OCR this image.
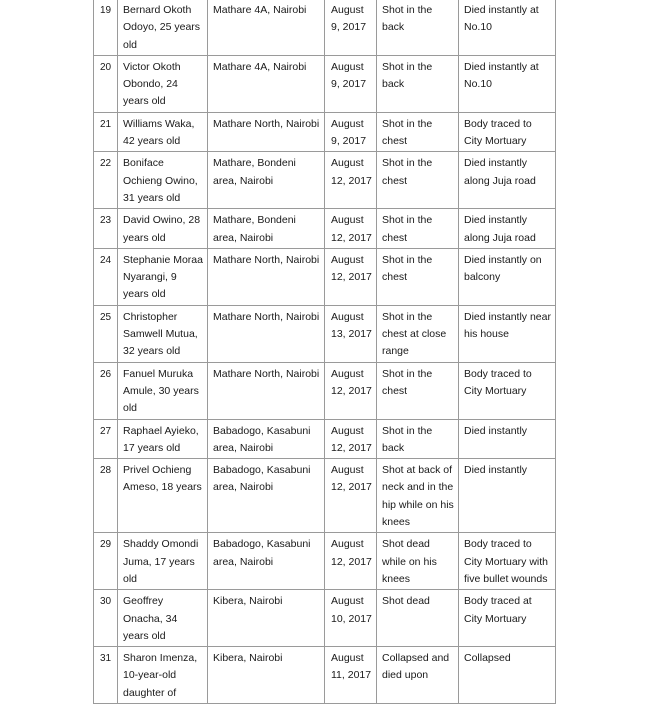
19	Bernard Okoth Odoyo, 25 years old	Mathare 4A, Nairobi	August 9, 2017	Shot in the back	Died instantly at No.10
20	Victor Okoth Obondo, 24 years old	Mathare 4A, Nairobi	August 9, 2017	Shot in the back	Died instantly at No.10
21	Williams Waka, 42 years old	Mathare North, Nairobi	August 9, 2017	Shot in the chest	Body traced to City Mortuary
22	Boniface Ochieng Owino, 31 years old	Mathare, Bondeni area, Nairobi	August 12, 2017	Shot in the chest	Died instantly along Juja road
23	David Owino, 28 years old	Mathare, Bondeni area, Nairobi	August 12, 2017	Shot in the chest	Died instantly along Juja road
24	Stephanie Moraa Nyarangi, 9 years old	Mathare North, Nairobi	August 12, 2017	Shot in the chest	Died instantly on balcony
25	Christopher Samwell Mutua, 32 years old	Mathare North, Nairobi	August 13, 2017	Shot in the chest at close range	Died instantly near his house
26	Fanuel Muruka Amule, 30 years old	Mathare North, Nairobi	August 12, 2017	Shot in the chest	Body traced to City Mortuary
27	Raphael Ayieko, 17 years old	Babadogo, Kasabuni area, Nairobi	August 12, 2017	Shot in the back	Died instantly
28	Privel Ochieng Ameso, 18 years	Babadogo, Kasabuni area, Nairobi	August 12, 2017	Shot at back of neck and in the hip while on his knees	Died instantly
29	Shaddy Omondi Juma, 17 years old	Babadogo, Kasabuni area, Nairobi	August 12, 2017	Shot dead while on his knees	Body traced to City Mortuary with five bullet wounds
30	Geoffrey Onacha, 34 years old	Kibera, Nairobi	August 10, 2017	Shot dead	Body traced at City Mortuary
31	Sharon Imenza, 10-year-old daughter of	Kibera, Nairobi	August 11, 2017	Collapsed and died upon	Collapsed
